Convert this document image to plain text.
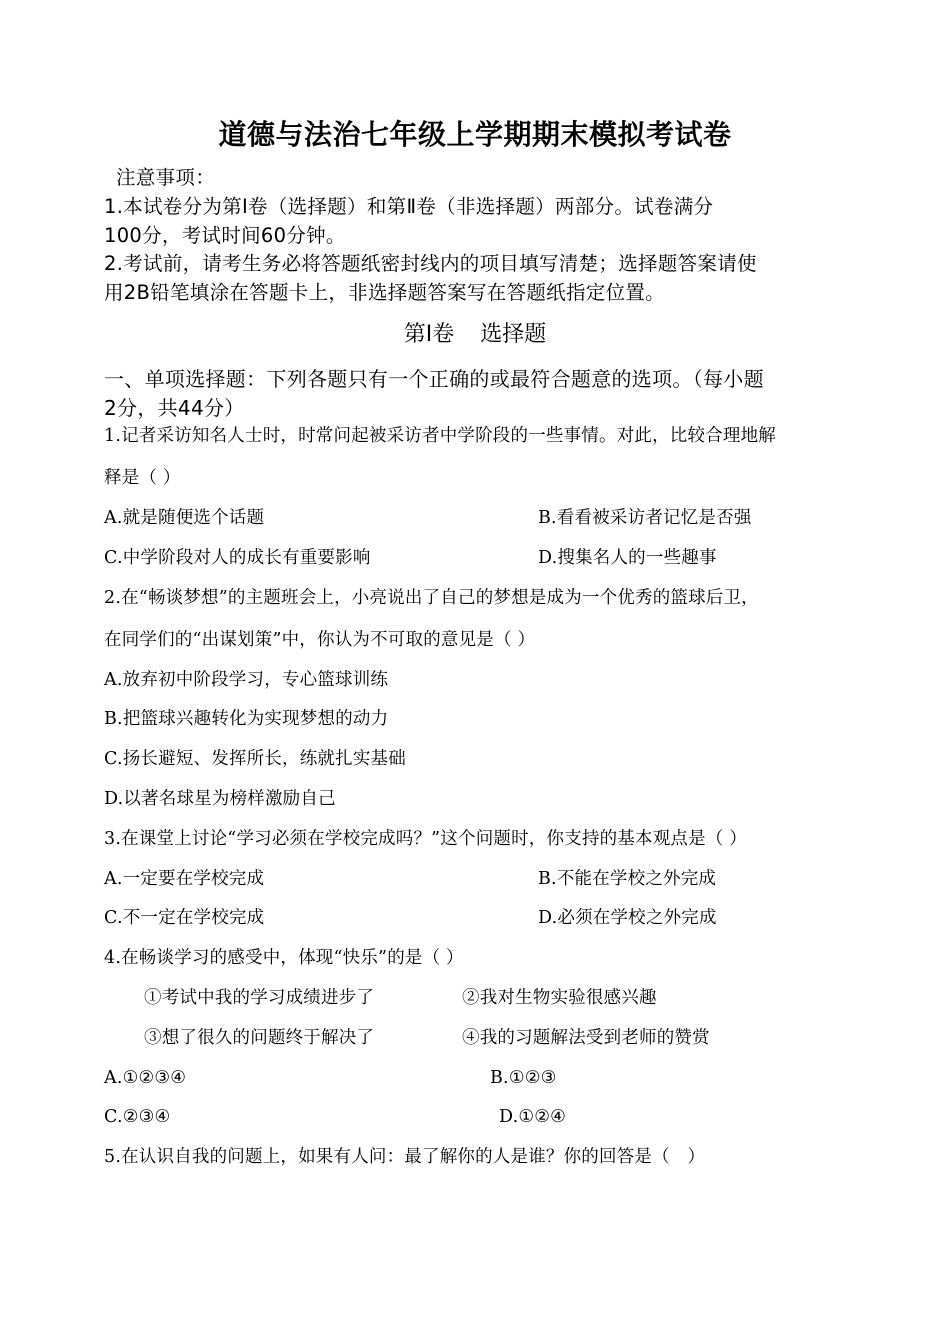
道德与法治七年级上学期期末模拟考试卷
注意事项：
1.本试卷分为第Ⅰ卷（选择题）和第Ⅱ卷（非选择题）两部分。试卷满分
100分，考试时间60分钟。
2.考试前，请考生务必将答题纸密封线内的项目填写清楚；选择题答案请使
用2B铅笔填涂在答题卡上，非选择题答案写在答题纸指定位置。
第Ⅰ卷 选择题
一、单项选择题：下列各题只有一个正确的或最符合题意的选项。（每小题
2分，共44分）
1.记者采访知名人士时，时常问起被采访者中学阶段的一些事情。对此，比较合理地解
释是（ ）
A.就是随便选个话题	B.看看被采访者记忆是否强
C.中学阶段对人的成长有重要影响	D.搜集名人的一些趣事
2.在“畅谈梦想”的主题班会上，小亮说出了自己的梦想是成为一个优秀的篮球后卫，
在同学们的“出谋划策”中，你认为不可取的意见是（ ）
A.放弃初中阶段学习，专心篮球训练
B.把篮球兴趣转化为实现梦想的动力
C.扬长避短、发挥所长，练就扎实基础
D.以著名球星为榜样激励自己
3.在课堂上讨论“学习必须在学校完成吗？”这个问题时，你支持的基本观点是（ ）
A.一定要在学校完成	B.不能在学校之外完成
C.不一定在学校完成	D.必须在学校之外完成
4.在畅谈学习的感受中，体现“快乐”的是（ ）
①考试中我的学习成绩进步了	②我对生物实验很感兴趣
③想了很久的问题终于解决了	④我的习题解法受到老师的赞赏
A.①②③④	B.①②③
C.②③④	D.①②④
5.在认识自我的问题上，如果有人问：最了解你的人是谁？你的回答是（　）
